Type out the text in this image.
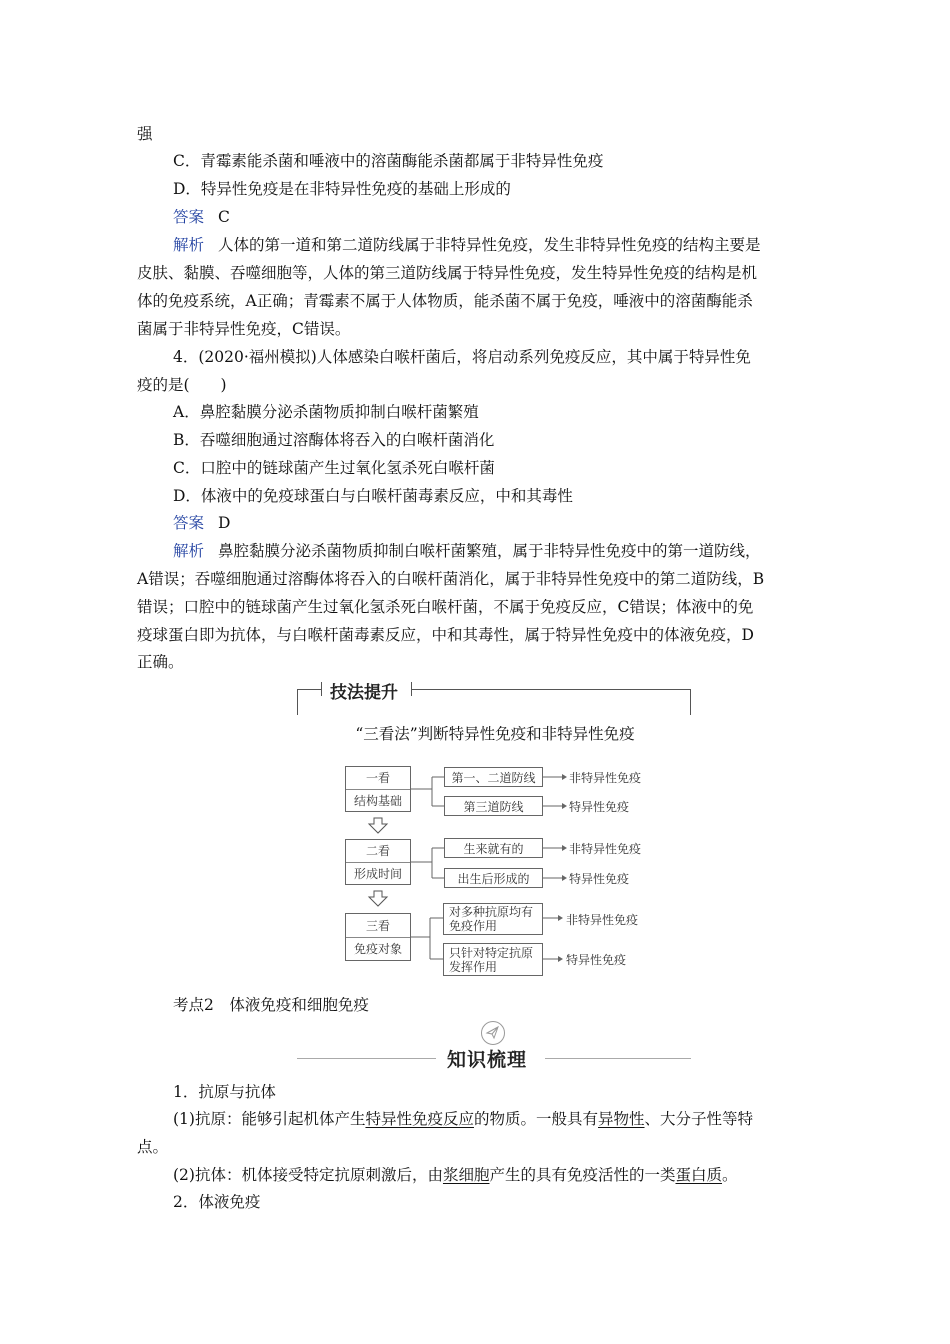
强
C．青霉素能杀菌和唾液中的溶菌酶能杀菌都属于非特异性免疫
D．特异性免疫是在非特异性免疫的基础上形成的
答案 C
解析 人体的第一道和第二道防线属于非特异性免疫，发生非特异性免疫的结构主要是
皮肤、黏膜、吞噬细胞等，人体的第三道防线属于特异性免疫，发生特异性免疫的结构是机
体的免疫系统，A正确；青霉素不属于人体物质，能杀菌不属于免疫，唾液中的溶菌酶能杀
菌属于非特异性免疫，C错误。
4．(2020·福州模拟)人体感染白喉杆菌后，将启动系列免疫反应，其中属于特异性免
疫的是(　　)
A．鼻腔黏膜分泌杀菌物质抑制白喉杆菌繁殖
B．吞噬细胞通过溶酶体将吞入的白喉杆菌消化
C．口腔中的链球菌产生过氧化氢杀死白喉杆菌
D．体液中的免疫球蛋白与白喉杆菌毒素反应，中和其毒性
答案 D
解析 鼻腔黏膜分泌杀菌物质抑制白喉杆菌繁殖，属于非特异性免疫中的第一道防线，
A错误；吞噬细胞通过溶酶体将吞入的白喉杆菌消化，属于非特异性免疫中的第二道防线，B
错误；口腔中的链球菌产生过氧化氢杀死白喉杆菌，不属于免疫反应，C错误；体液中的免
疫球蛋白即为抗体，与白喉杆菌毒素反应，中和其毒性，属于特异性免疫中的体液免疫，D
正确。
技法提升
“三看法”判断特异性免疫和非特异性免疫
一看
结构基础
第一、二道防线
第三道防线
非特异性免疫
特异性免疫
二看
形成时间
生来就有的
出生后形成的
非特异性免疫
特异性免疫
三看
免疫对象
对多种抗原均有
免疫作用
只针对特定抗原
发挥作用
非特异性免疫
特异性免疫
考点2　体液免疫和细胞免疫
知识梳理
1．抗原与抗体
(1)抗原：能够引起机体产生特异性免疫反应的物质。一般具有异物性、大分子性等特
点。
(2)抗体：机体接受特定抗原刺激后，由浆细胞产生的具有免疫活性的一类蛋白质。
2．体液免疫
